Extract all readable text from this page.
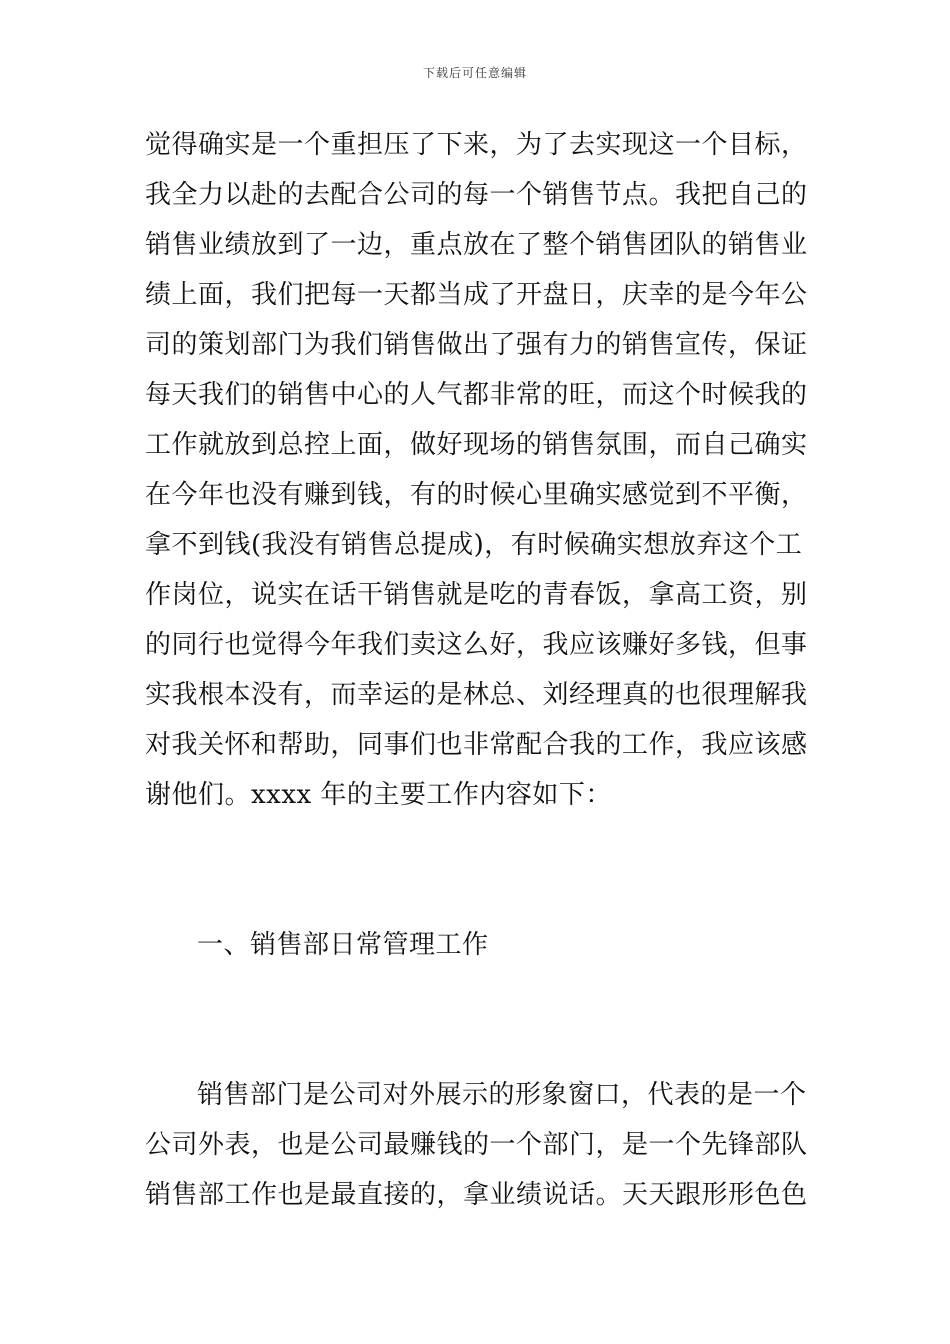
下载后可任意编辑
觉得确实是一个重担压了下来，为了去实现这一个目标，
我全力以赴的去配合公司的每一个销售节点。我把自己的
销售业绩放到了一边，重点放在了整个销售团队的销售业
绩上面，我们把每一天都当成了开盘日，庆幸的是今年公
司的策划部门为我们销售做出了强有力的销售宣传，保证
每天我们的销售中心的人气都非常的旺，而这个时候我的
工作就放到总控上面，做好现场的销售氛围，而自己确实
在今年也没有赚到钱，有的时候心里确实感觉到不平衡，
拿不到钱(我没有销售总提成)，有时候确实想放弃这个工
作岗位，说实在话干销售就是吃的青春饭，拿高工资，别
的同行也觉得今年我们卖这么好，我应该赚好多钱，但事
实我根本没有，而幸运的是林总、刘经理真的也很理解我
对我关怀和帮助，同事们也非常配合我的工作，我应该感
谢他们。xxxx 年的主要工作内容如下：
一、销售部日常管理工作
销售部门是公司对外展示的形象窗口，代表的是一个
公司外表，也是公司最赚钱的一个部门，是一个先锋部队
销售部工作也是最直接的，拿业绩说话。天天跟形形色色
